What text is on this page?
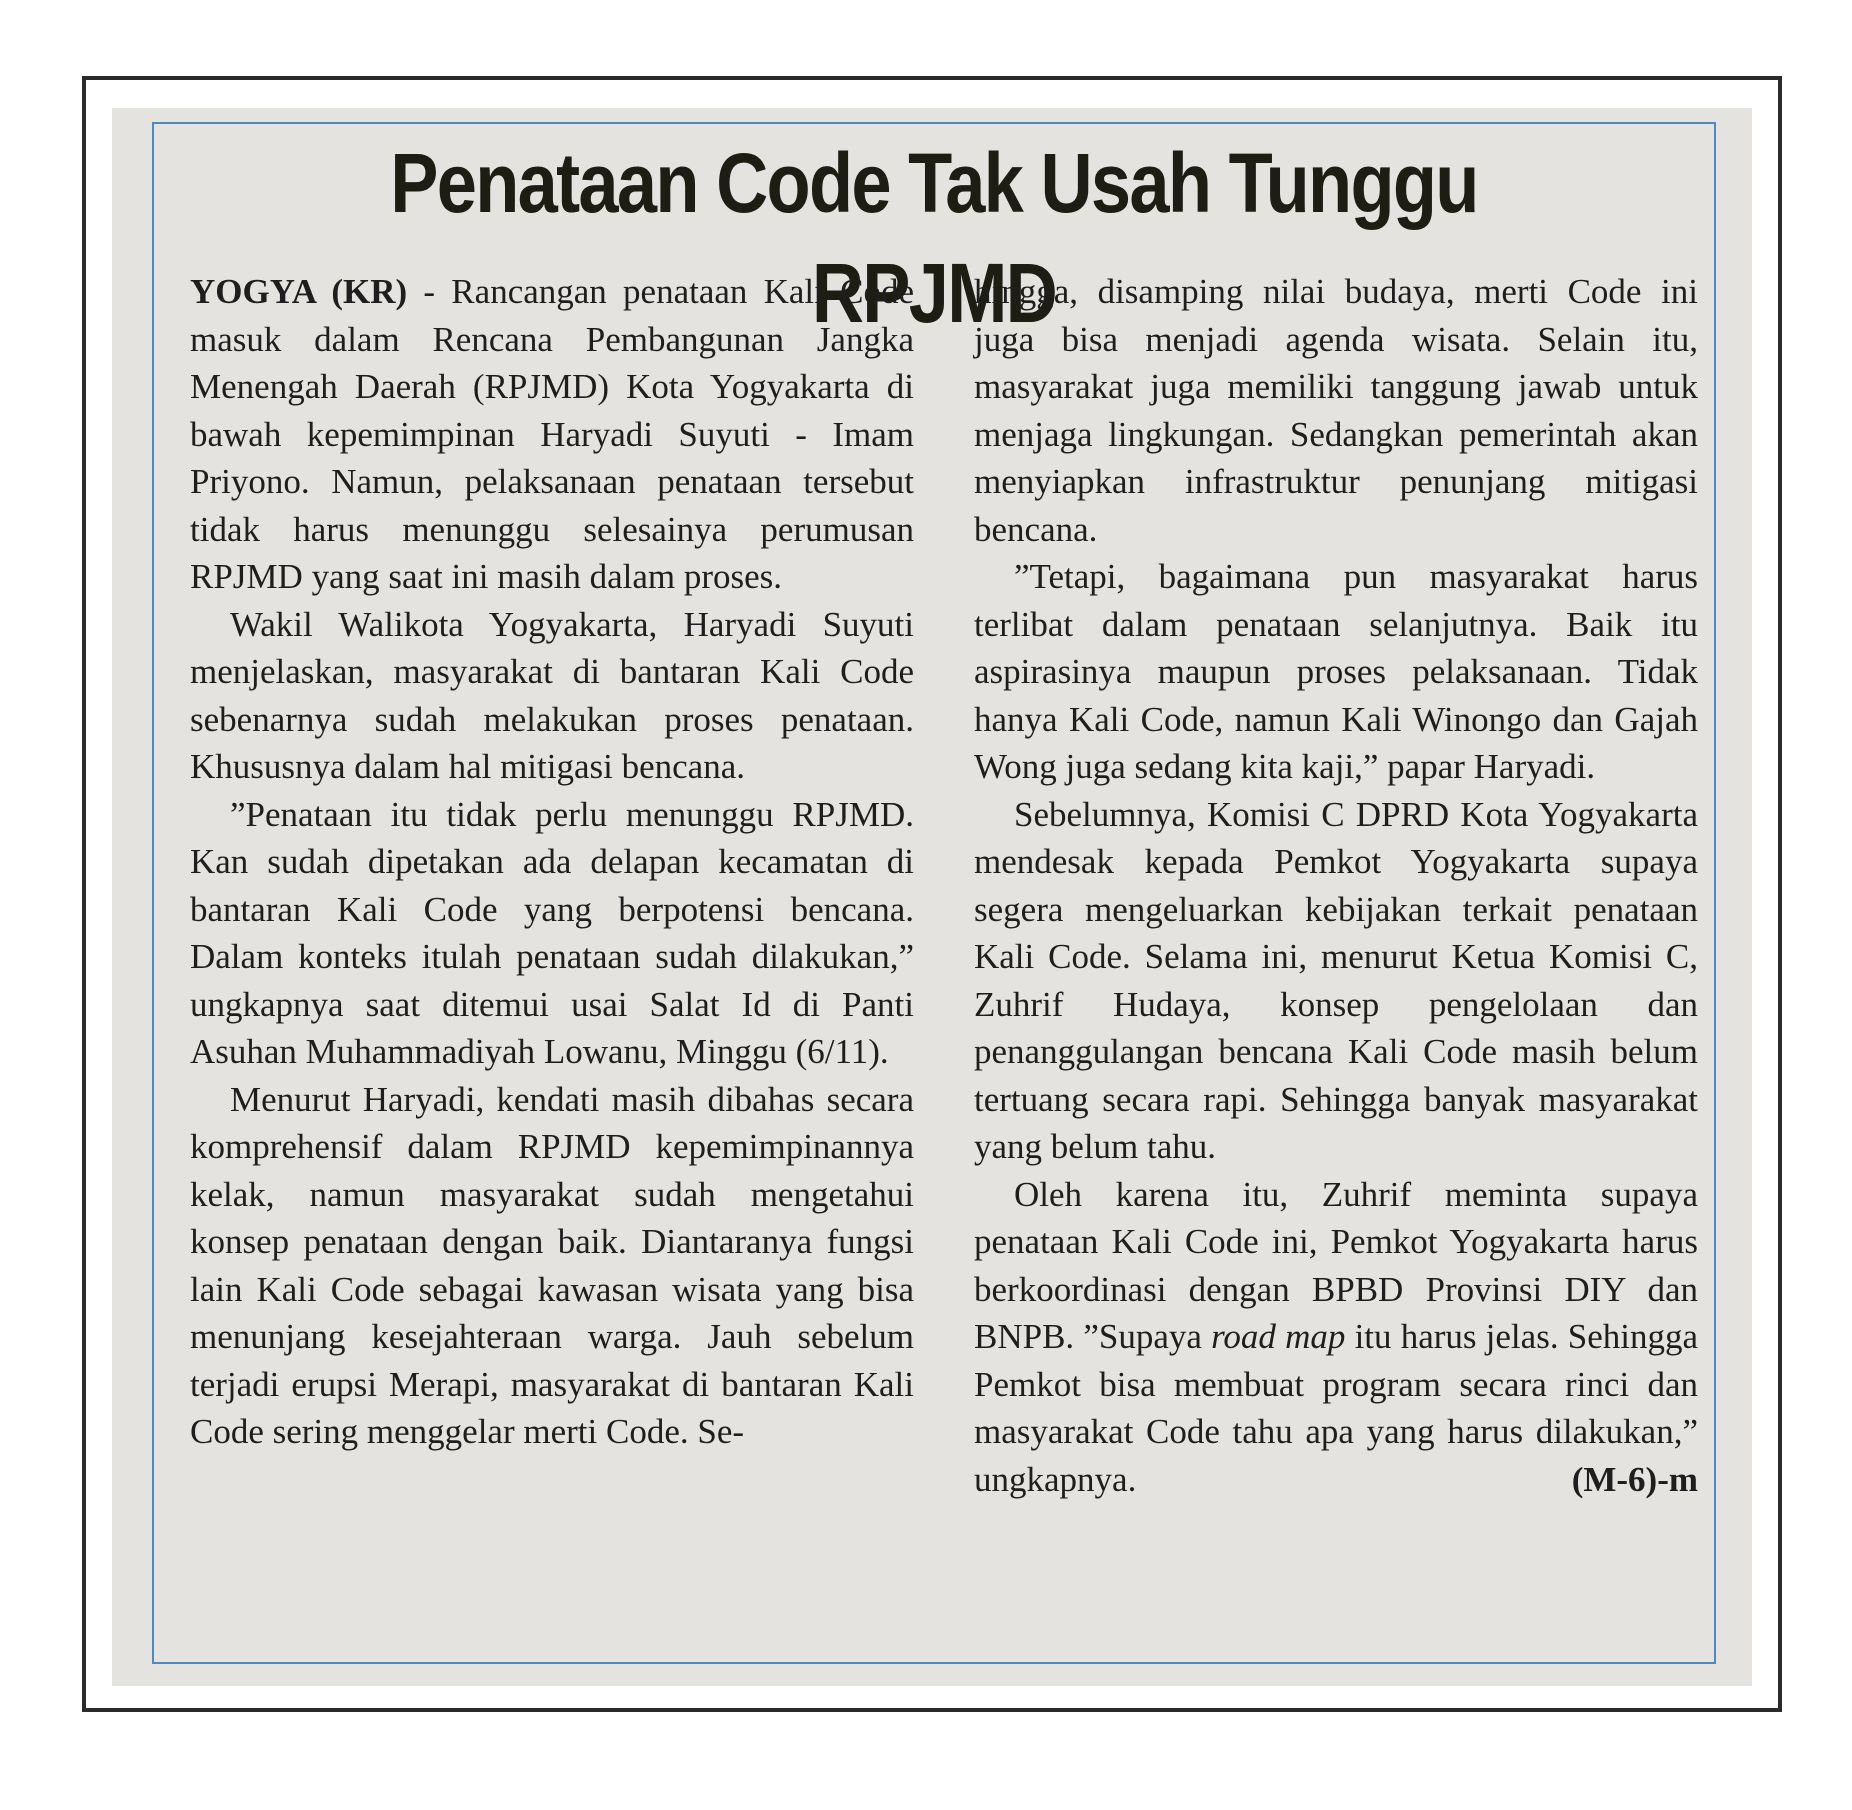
Penataan Code Tak Usah Tunggu RPJMD

YOGYA (KR) - Rancangan penataan Kali Code masuk dalam Rencana Pembangunan Jangka Menengah Daerah (RPJMD) Kota Yogyakarta di bawah kepemimpinan Haryadi Suyuti - Imam Priyono. Namun, pelaksanaan penataan tersebut tidak harus menunggu selesainya perumusan RPJMD yang saat ini masih dalam proses.

Wakil Walikota Yogyakarta, Haryadi Suyuti menjelaskan, masyarakat di bantaran Kali Code sebenarnya sudah melakukan proses penataan. Khususnya dalam hal mitigasi bencana.

”Penataan itu tidak perlu menunggu RPJMD. Kan sudah dipetakan ada delapan kecamatan di bantaran Kali Code yang berpotensi bencana. Dalam konteks itulah penataan sudah dilakukan,” ungkapnya saat ditemui usai Salat Id di Panti Asuhan Muhammadiyah Lowanu, Minggu (6/11).

Menurut Haryadi, kendati masih dibahas secara komprehensif dalam RPJMD kepemimpinannya kelak, namun masyarakat sudah mengetahui konsep penataan dengan baik. Diantaranya fungsi lain Kali Code sebagai kawasan wisata yang bisa menunjang kesejahteraan warga. Jauh sebelum terjadi erupsi Merapi, masyarakat di bantaran Kali Code sering menggelar merti Code. Se-

hingga, disamping nilai budaya, merti Code ini juga bisa menjadi agenda wisata. Selain itu, masyarakat juga memiliki tanggung jawab untuk menjaga lingkungan. Sedangkan pemerintah akan menyiapkan infrastruktur penunjang mitigasi bencana.

”Tetapi, bagaimana pun masyarakat harus terlibat dalam penataan selanjutnya. Baik itu aspirasinya maupun proses pelaksanaan. Tidak hanya Kali Code, namun Kali Winongo dan Gajah Wong juga sedang kita kaji,” papar Haryadi.

Sebelumnya, Komisi C DPRD Kota Yogyakarta mendesak kepada Pemkot Yogyakarta supaya segera mengeluarkan kebijakan terkait penataan Kali Code. Selama ini, menurut Ketua Komisi C, Zuhrif Hudaya, konsep pengelolaan dan penanggulangan bencana Kali Code masih belum tertuang secara rapi. Sehingga banyak masyarakat yang belum tahu.

Oleh karena itu, Zuhrif meminta supaya penataan Kali Code ini, Pemkot Yogyakarta harus berkoordinasi dengan BPBD Provinsi DIY dan BNPB. ”Supaya road map itu harus jelas. Sehingga Pemkot bisa membuat program secara rinci dan masyarakat Code tahu apa yang harus dilakukan,” ungkapnya.	(M-6)-m
